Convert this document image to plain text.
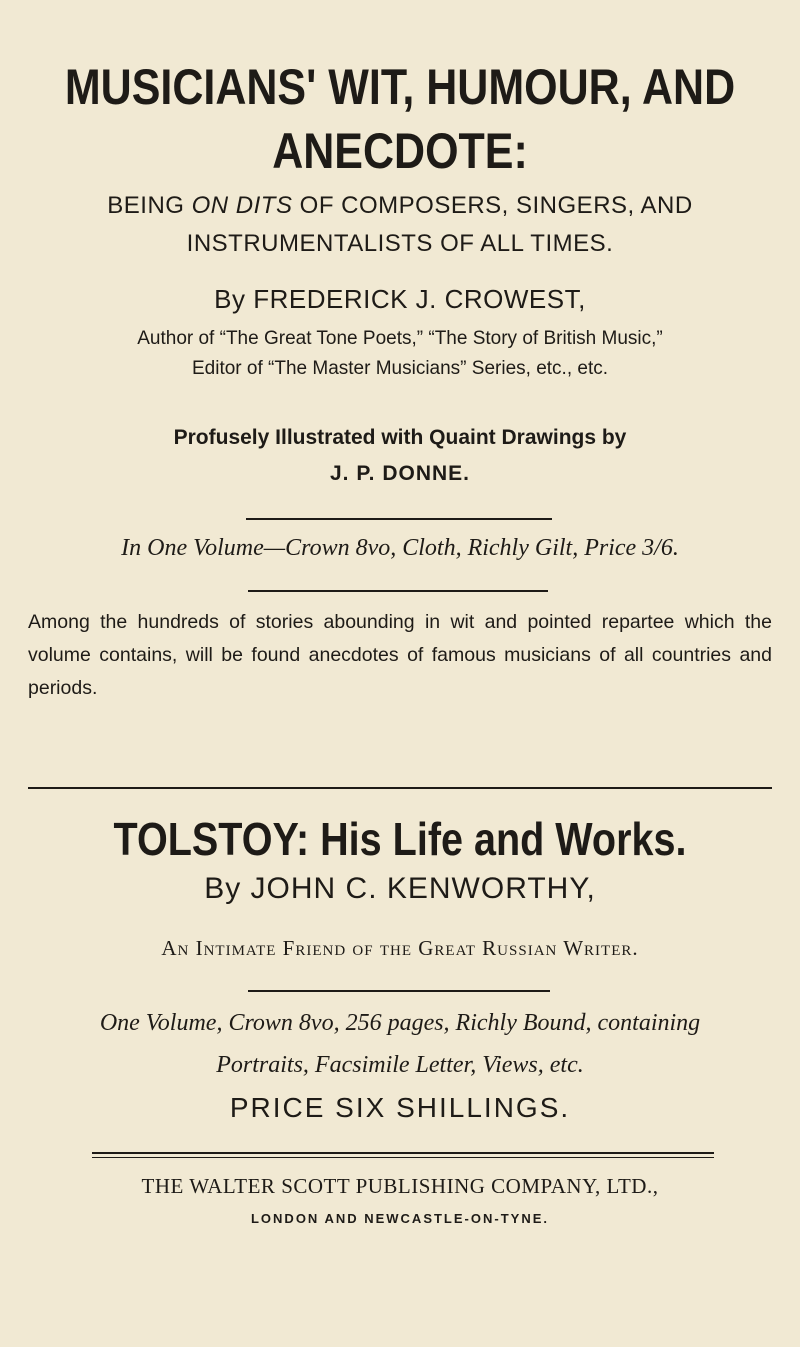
MUSICIANS' WIT, HUMOUR, AND
ANECDOTE:
BEING ON DITS OF COMPOSERS, SINGERS, AND
INSTRUMENTALISTS OF ALL TIMES.
By FREDERICK J. CROWEST,
Author of “The Great Tone Poets,” “The Story of British Music,”
Editor of “The Master Musicians” Series, etc., etc.
Profusely Illustrated with Quaint Drawings by
J. P. DONNE.
In One Volume—Crown 8vo, Cloth, Richly Gilt, Price 3/6.
Among the hundreds of stories abounding in wit and pointed repartee which the volume contains, will be found anecdotes of famous musicians of all countries and periods.
TOLSTOY: His Life and Works.
By JOHN C. KENWORTHY,
An Intimate Friend of the Great Russian Writer.
One Volume, Crown 8vo, 256 pages, Richly Bound, containing
Portraits, Facsimile Letter, Views, etc.
PRICE SIX SHILLINGS.
THE WALTER SCOTT PUBLISHING COMPANY, LTD.,
LONDON AND NEWCASTLE-ON-TYNE.
